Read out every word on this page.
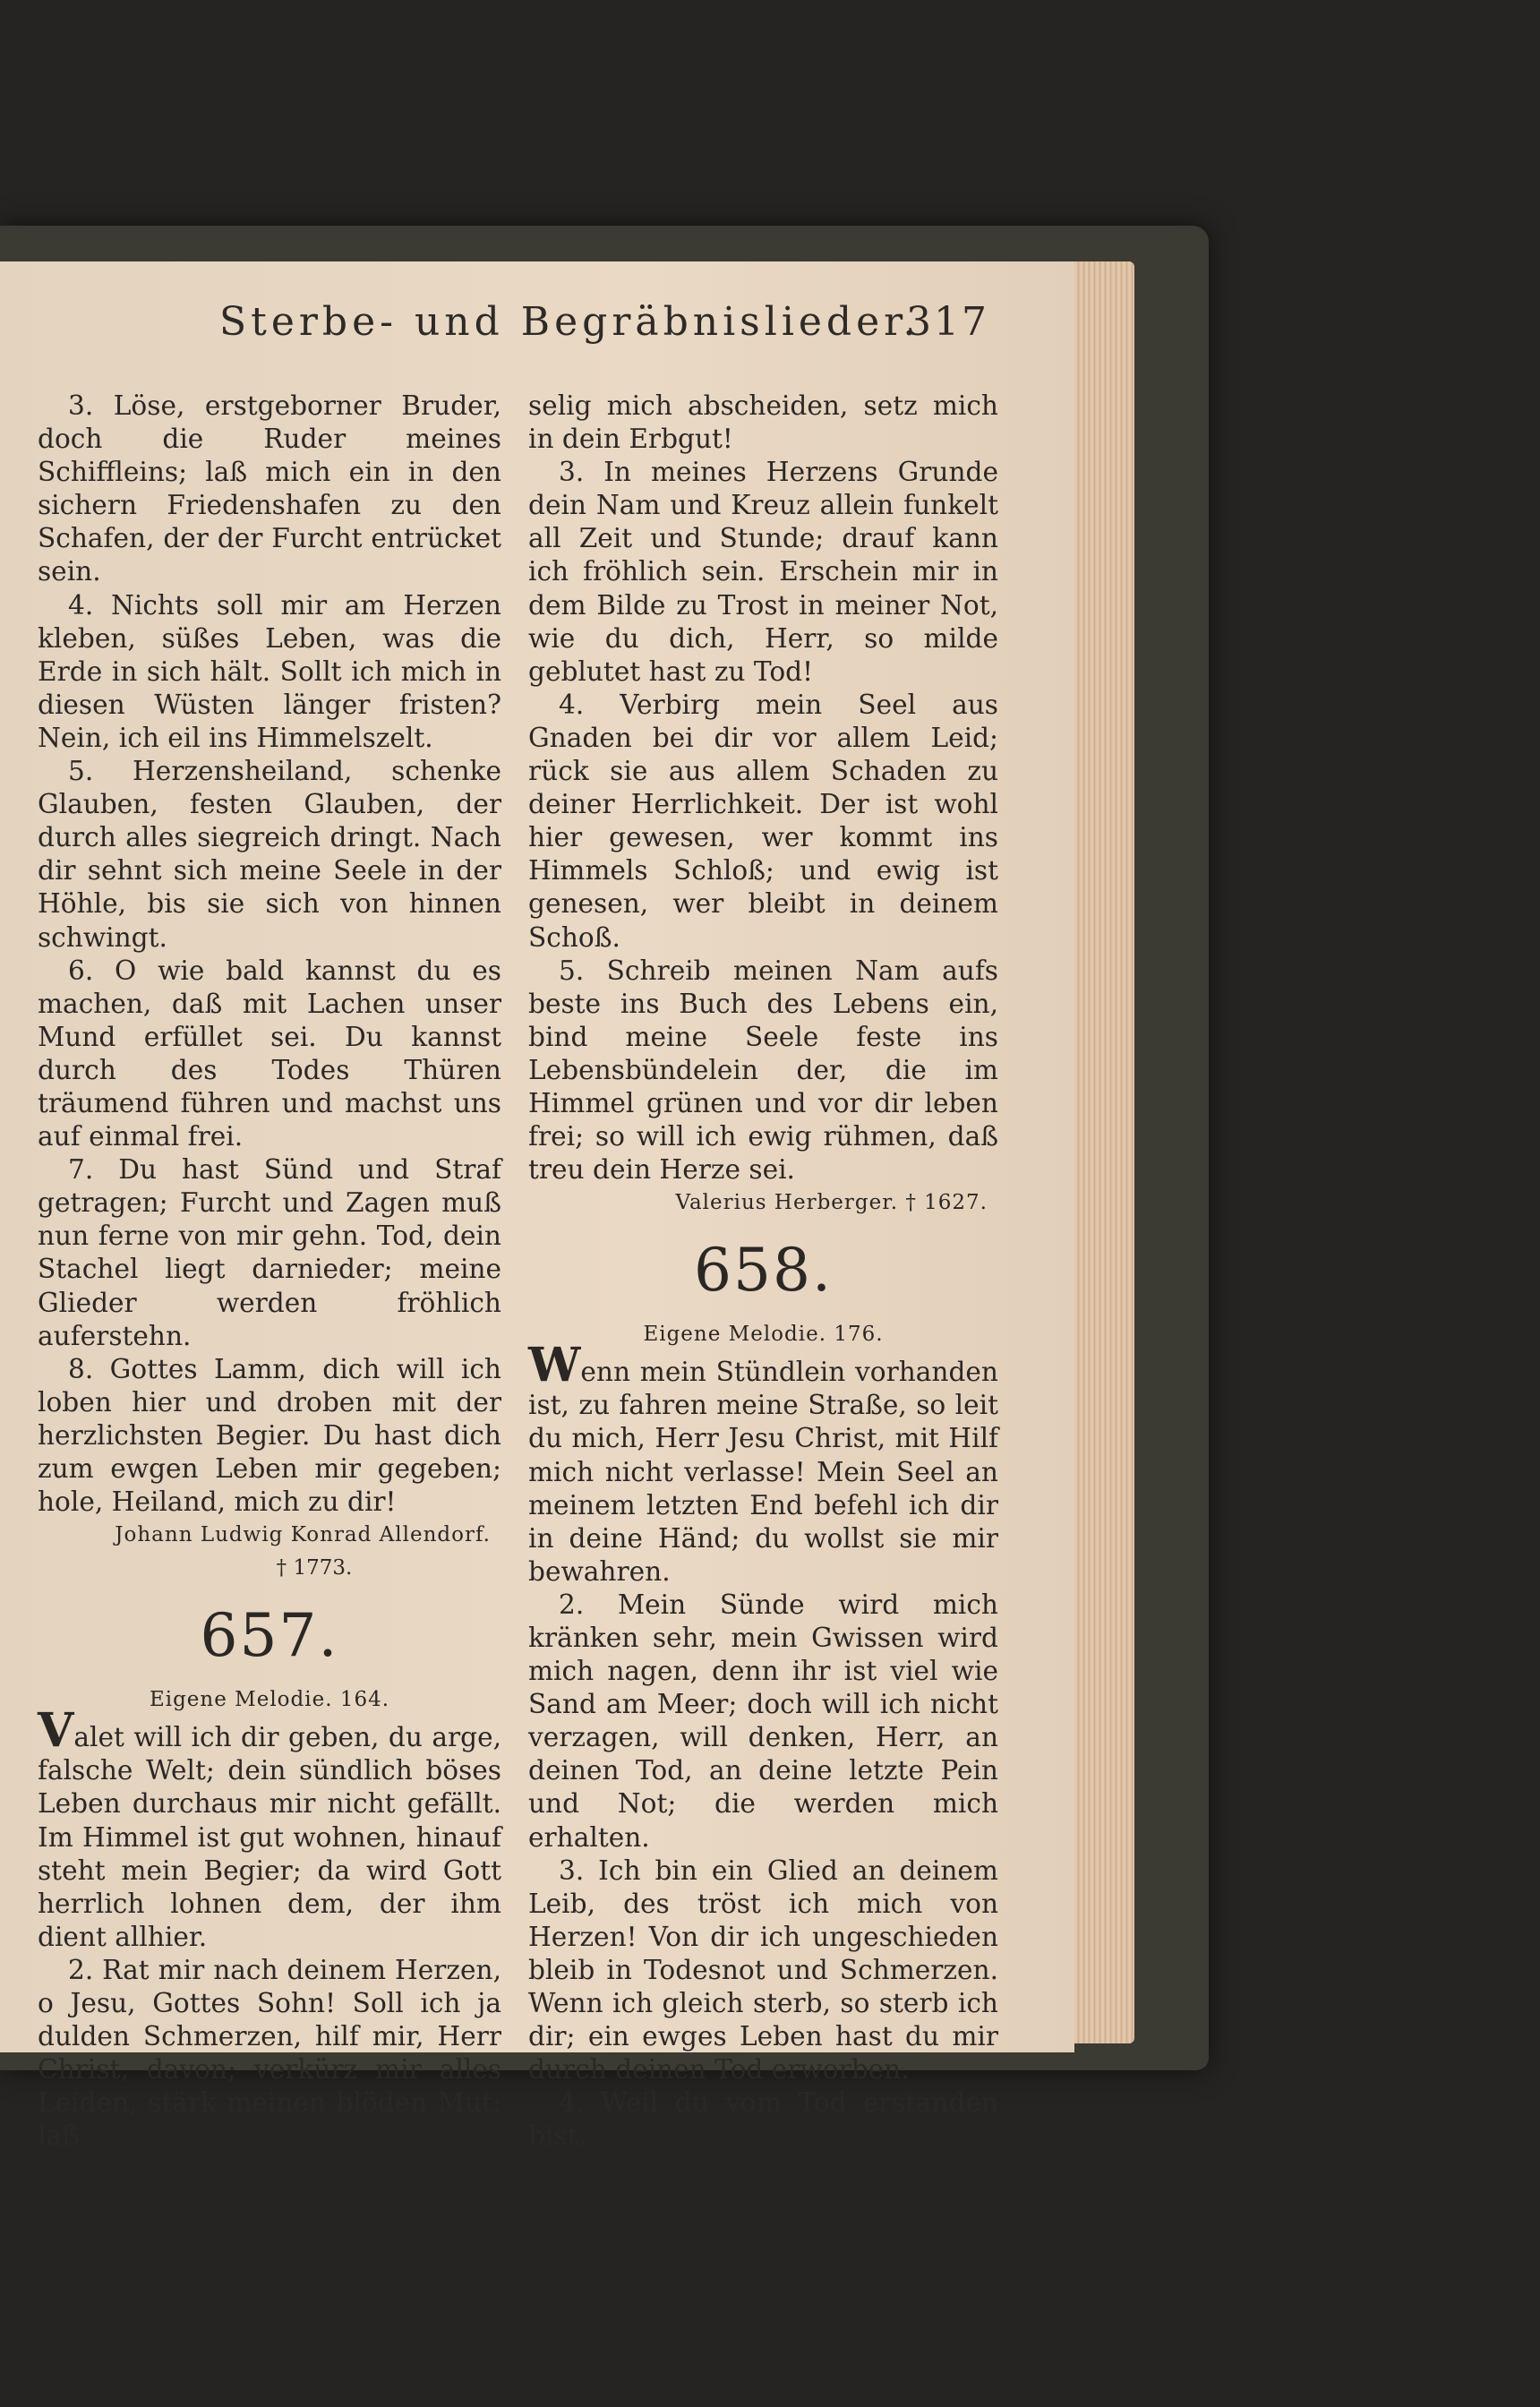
Sterbe- und Begräbnislieder.
317

3. Löse, erstgeborner Bruder, doch die Ruder meines Schiffleins; laß mich ein in den sichern Friedenshafen zu den Schafen, der der Furcht entrücket sein.

4. Nichts soll mir am Herzen kleben, süßes Leben, was die Erde in sich hält. Sollt ich mich in diesen Wüsten länger fristen? Nein, ich eil ins Himmelszelt.

5. Herzensheiland, schenke Glauben, festen Glauben, der durch alles siegreich dringt. Nach dir sehnt sich meine Seele in der Höhle, bis sie sich von hinnen schwingt.

6. O wie bald kannst du es machen, daß mit Lachen unser Mund erfüllet sei. Du kannst durch des Todes Thüren träumend führen und machst uns auf einmal frei.

7. Du hast Sünd und Straf getragen; Furcht und Zagen muß nun ferne von mir gehn. Tod, dein Stachel liegt darnieder; meine Glieder werden fröhlich auferstehn.

8. Gottes Lamm, dich will ich loben hier und droben mit der herzlichsten Begier. Du hast dich zum ewgen Leben mir gegeben; hole, Heiland, mich zu dir!

Johann Ludwig Konrad Allendorf.

† 1773.

657.

Eigene Melodie. 164.

Valet will ich dir geben, du arge, falsche Welt; dein sündlich böses Leben durchaus mir nicht gefällt. Im Himmel ist gut wohnen, hinauf steht mein Begier; da wird Gott herrlich lohnen dem, der ihm dient allhier.

2. Rat mir nach deinem Herzen, o Jesu, Gottes Sohn! Soll ich ja dulden Schmerzen, hilf mir, Herr Christ, davon; verkürz mir alles Leiden, stärk meinen blöden Mut; laß

selig mich abscheiden, setz mich in dein Erbgut!

3. In meines Herzens Grunde dein Nam und Kreuz allein funkelt all Zeit und Stunde; drauf kann ich fröhlich sein. Erschein mir in dem Bilde zu Trost in meiner Not, wie du dich, Herr, so milde geblutet hast zu Tod!

4. Verbirg mein Seel aus Gnaden bei dir vor allem Leid; rück sie aus allem Schaden zu deiner Herrlichkeit. Der ist wohl hier gewesen, wer kommt ins Himmels Schloß; und ewig ist genesen, wer bleibt in deinem Schoß.

5. Schreib meinen Nam aufs beste ins Buch des Lebens ein, bind meine Seele feste ins Lebensbündelein der, die im Himmel grünen und vor dir leben frei; so will ich ewig rühmen, daß treu dein Herze sei.

Valerius Herberger. † 1627.

658.

Eigene Melodie. 176.

Wenn mein Stündlein vorhanden ist, zu fahren meine Straße, so leit du mich, Herr Jesu Christ, mit Hilf mich nicht verlasse! Mein Seel an meinem letzten End befehl ich dir in deine Händ; du wollst sie mir bewahren.

2. Mein Sünde wird mich kränken sehr, mein Gwissen wird mich nagen, denn ihr ist viel wie Sand am Meer; doch will ich nicht verzagen, will denken, Herr, an deinen Tod, an deine letzte Pein und Not; die werden mich erhalten.

3. Ich bin ein Glied an deinem Leib, des tröst ich mich von Herzen! Von dir ich ungeschieden bleib in Todesnot und Schmerzen. Wenn ich gleich sterb, so sterb ich dir; ein ewges Leben hast du mir durch deinen Tod erworben.

4. Weil du vom Tod erstanden bist,
